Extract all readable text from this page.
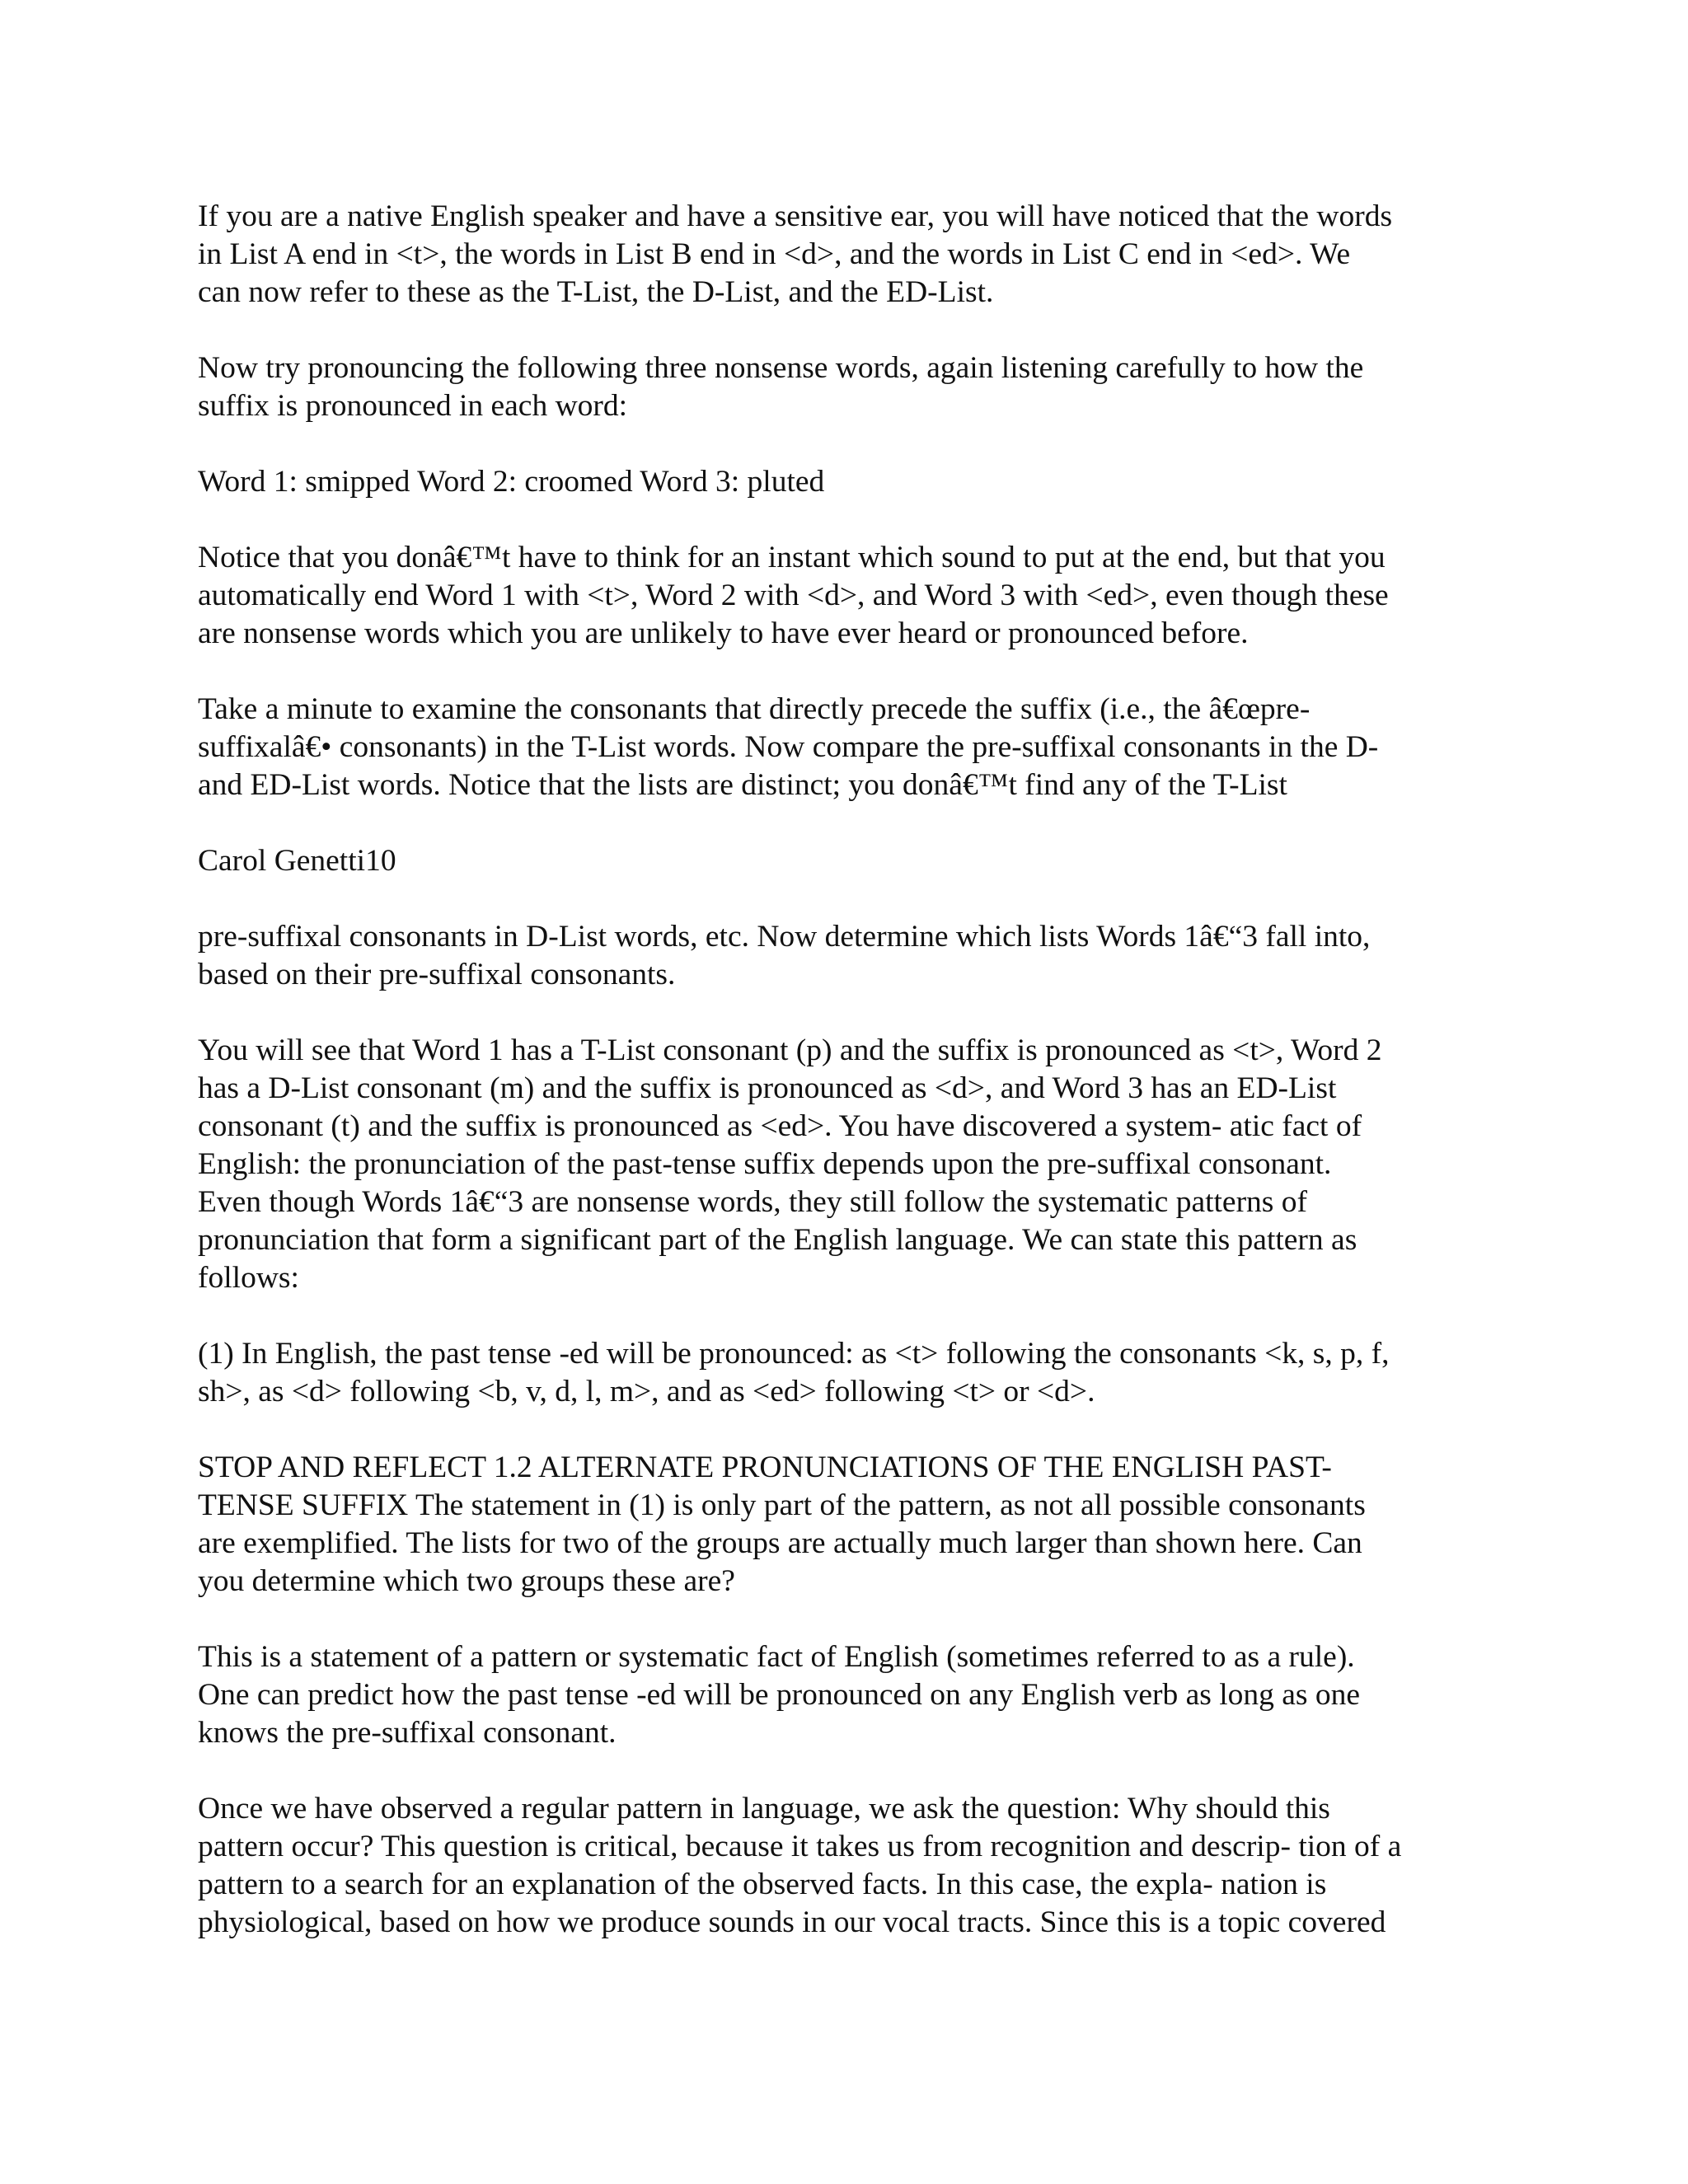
If you are a native English speaker and have a sensitive ear, you will have noticed that the words
in List A end in <t>, the words in List B end in <d>, and the words in List C end in <ed>. We
can now refer to these as the T-List, the D-List, and the ED-List.
Now try pronouncing the following three nonsense words, again listening carefully to how the
suffix is pronounced in each word:
Word 1: smipped Word 2: croomed Word 3: pluted
Notice that you donâ€™t have to think for an instant which sound to put at the end, but that you
automatically end Word 1 with <t>, Word 2 with <d>, and Word 3 with <ed>, even though these
are nonsense words which you are unlikely to have ever heard or pronounced before.
Take a minute to examine the consonants that directly precede the suffix (i.e., the â€œpre-
suffixalâ€• consonants) in the T-List words. Now compare the pre-suffixal consonants in the D-
and ED-List words. Notice that the lists are distinct; you donâ€™t find any of the T-List
Carol Genetti10
pre-suffixal consonants in D-List words, etc. Now determine which lists Words 1â€“3 fall into,
based on their pre-suffixal consonants.
You will see that Word 1 has a T-List consonant (p) and the suffix is pronounced as <t>, Word 2
has a D-List consonant (m) and the suffix is pronounced as <d>, and Word 3 has an ED-List
consonant (t) and the suffix is pronounced as <ed>. You have discovered a system- atic fact of
English: the pronunciation of the past-tense suffix depends upon the pre-suffixal consonant.
Even though Words 1â€“3 are nonsense words, they still follow the systematic patterns of
pronunciation that form a significant part of the English language. We can state this pattern as
follows:
(1) In English, the past tense -ed will be pronounced: as <t> following the consonants <k, s, p, f,
sh>, as <d> following <b, v, d, l, m>, and as <ed> following <t> or <d>.
STOP AND REFLECT 1.2 ALTERNATE PRONUNCIATIONS OF THE ENGLISH PAST-
TENSE SUFFIX The statement in (1) is only part of the pattern, as not all possible consonants
are exemplified. The lists for two of the groups are actually much larger than shown here. Can
you determine which two groups these are?
This is a statement of a pattern or systematic fact of English (sometimes referred to as a rule).
One can predict how the past tense -ed will be pronounced on any English verb as long as one
knows the pre-suffixal consonant.
Once we have observed a regular pattern in language, we ask the question: Why should this
pattern occur? This question is critical, because it takes us from recognition and descrip- tion of a
pattern to a search for an explanation of the observed facts. In this case, the expla- nation is
physiological, based on how we produce sounds in our vocal tracts. Since this is a topic covered
